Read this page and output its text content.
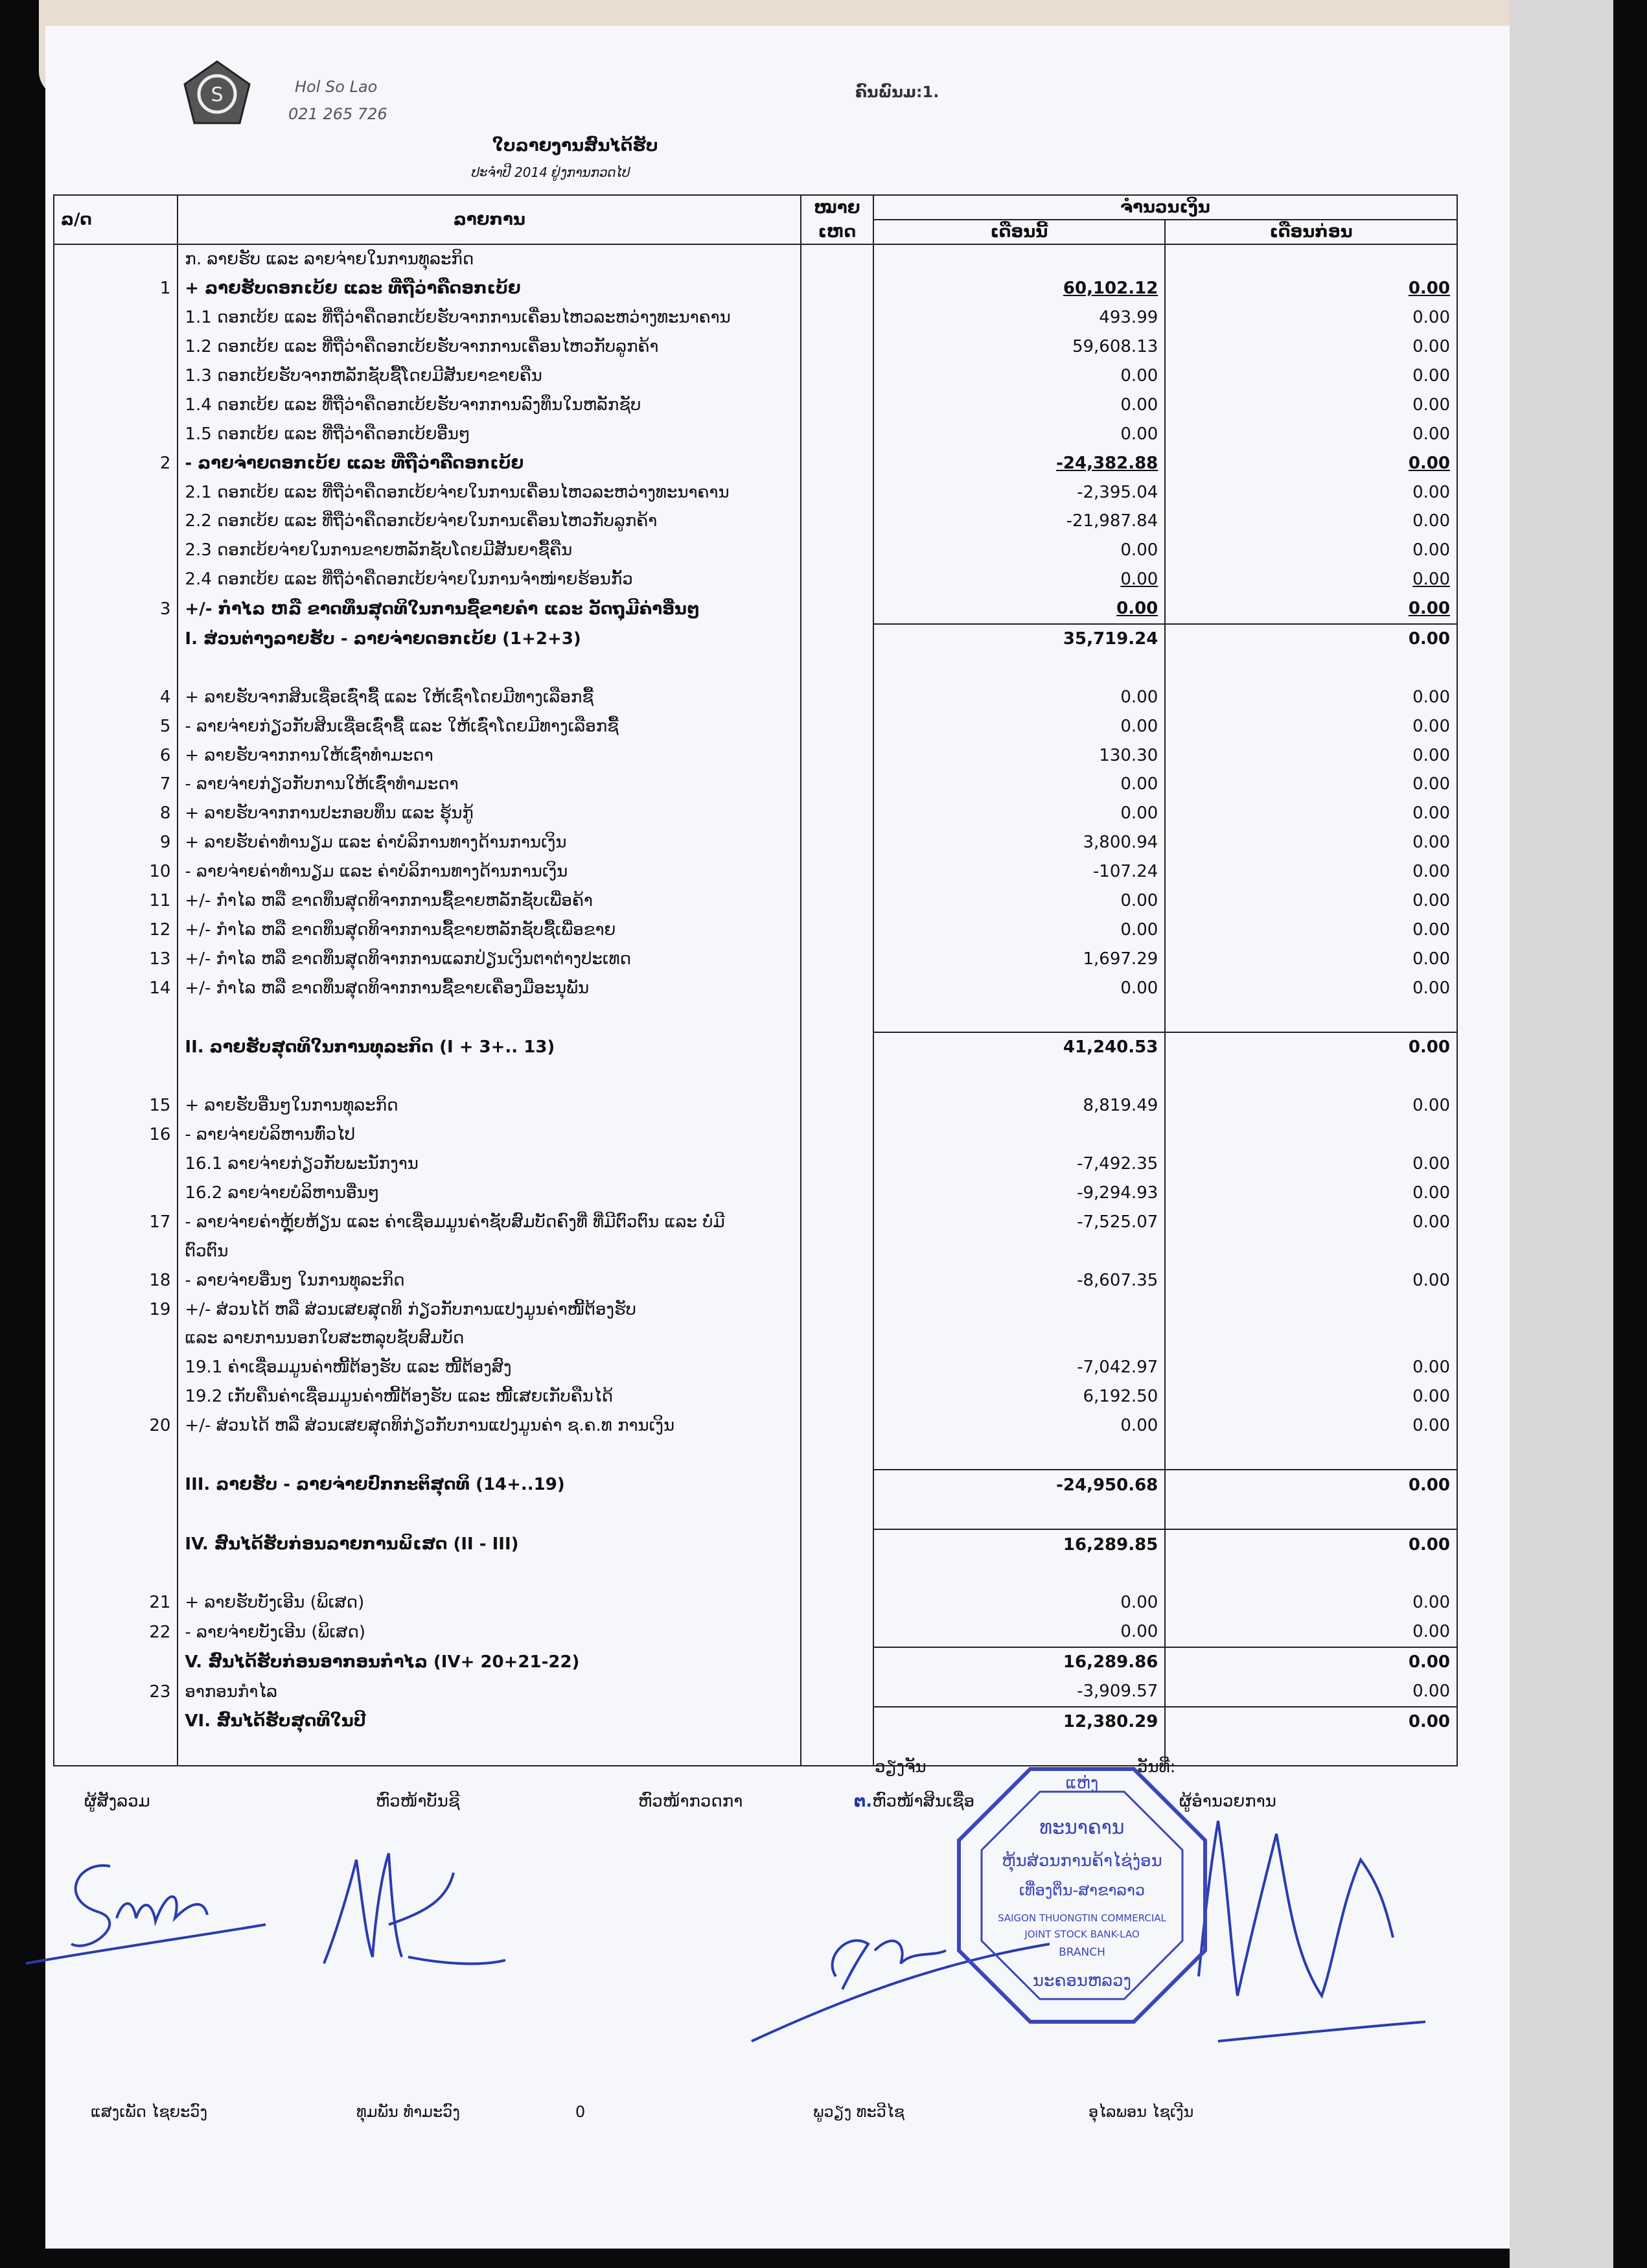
S	Hol So Lao
021 265 726
ຄົນພົນມ:1.
ໃບລາຍງານສົນໄດ້ຮັບ
ປະຈຳປີ 2014 ຢູ່ງການກວດໄປ
ລ/ດ	ລາຍການ	ໝາຍ	ຈຳນວນເງິນ	
		ເຫດ	ເດືອນນີ້	ເດືອນກ່ອນ
	ກ. ລາຍຮັບ ແລະ ລາຍຈ່າຍໃນການທຸລະກິດ			
1	+ ລາຍຮັບດອກເບ້ຍ ແລະ ທີ່ຖືວ່າຄືດອກເບ້ຍ		60,102.12	0.00
	1.1 ດອກເບ້ຍ ແລະ ທີ່ຖືວ່າຄືດອກເບ້ຍຮັບຈາກການເຄື່ອນໄຫວລະຫວ່າງທະນາຄານ		493.99	0.00
	1.2 ດອກເບ້ຍ ແລະ ທີ່ຖືວ່າຄືດອກເບ້ຍຮັບຈາກການເຄື່ອນໄຫວກັບລູກຄ້າ		59,608.13	0.00
	1.3 ດອກເບ້ຍຮັບຈາກຫລັກຊັບຊື້ໂດຍມີສັນຍາຂາຍຄືນ		0.00	0.00
	1.4 ດອກເບ້ຍ ແລະ ທີ່ຖືວ່າຄືດອກເບ້ຍຮັບຈາກການລົງທຶນໃນຫລັກຊັບ		0.00	0.00
	1.5 ດອກເບ້ຍ ແລະ ທີ່ຖືວ່າຄືດອກເບ້ຍອື່ນໆ		0.00	0.00
2	- ລາຍຈ່າຍດອກເບ້ຍ ແລະ ທີ່ຖືວ່າຄືດອກເບ້ຍ		-24,382.88	0.00
	2.1 ດອກເບ້ຍ ແລະ ທີ່ຖືວ່າຄືດອກເບ້ຍຈ່າຍໃນການເຄື່ອນໄຫວລະຫວ່າງທະນາຄານ		-2,395.04	0.00
	2.2 ດອກເບ້ຍ ແລະ ທີ່ຖືວ່າຄືດອກເບ້ຍຈ່າຍໃນການເຄື່ອນໄຫວກັບລູກຄ້າ		-21,987.84	0.00
	2.3 ດອກເບ້ຍຈ່າຍໃນການຂາຍຫລັກຊັບໂດຍມີສັນຍາຊື້ຄືນ		0.00	0.00
	2.4 ດອກເບ້ຍ ແລະ ທີ່ຖືວ່າຄືດອກເບ້ຍຈ່າຍໃນການຈຳໜ່າຍຮ້ອນກັ້ວ		0.00	0.00
3	+/- ກຳໄລ ຫລື ຂາດທຶນສຸດທິໃນການຊື້ຂາຍຄຳ ແລະ ວັດຖຸມີຄ່າອື່ນໆ		0.00	0.00
	I. ສ່ວນຕ່າງລາຍຮັບ - ລາຍຈ່າຍດອກເບ້ຍ (1+2+3)		35,719.24	0.00

4	+ ລາຍຮັບຈາກສິນເຊື່ອເຊົ່າຊື້ ແລະ ໃຫ້ເຊົ່າໂດຍມີທາງເລືອກຊື້		0.00	0.00
5	- ລາຍຈ່າຍກ່ຽວກັບສິນເຊື່ອເຊົ່າຊື້ ແລະ ໃຫ້ເຊົ່າໂດຍມີທາງເລືອກຊື້		0.00	0.00
6	+ ລາຍຮັບຈາກການໃຫ້ເຊົ່າທຳມະດາ		130.30	0.00
7	- ລາຍຈ່າຍກ່ຽວກັບການໃຫ້ເຊົ່າທຳມະດາ		0.00	0.00
8	+ ລາຍຮັບຈາກການປະກອບທຶນ ແລະ ຮຸ້ນກູ້		0.00	0.00
9	+ ລາຍຮັບຄ່າທຳນຽມ ແລະ ຄ່າບໍລິການທາງດ້ານການເງິນ		3,800.94	0.00
10	- ລາຍຈ່າຍຄ່າທຳນຽມ ແລະ ຄ່າບໍລິການທາງດ້ານການເງິນ		-107.24	0.00
11	+/- ກຳໄລ ຫລື ຂາດທຶນສຸດທິຈາກການຊື້ຂາຍຫລັກຊັບເພື່ອຄ້າ		0.00	0.00
12	+/- ກຳໄລ ຫລື ຂາດທຶນສຸດທິຈາກການຊື້ຂາຍຫລັກຊັບຊື້ເພື່ອຂາຍ		0.00	0.00
13	+/- ກຳໄລ ຫລື ຂາດທຶນສຸດທິຈາກການແລກປ່ຽນເງິນຕາຕ່າງປະເທດ		1,697.29	0.00
14	+/- ກຳໄລ ຫລື ຂາດທຶນສຸດທິຈາກການຊື້ຂາຍເຄື່ອງມືອະນຸພັນ		0.00	0.00

	II. ລາຍຮັບສຸດທິໃນການທຸລະກິດ (I + 3+.. 13)		41,240.53	0.00

15	+ ລາຍຮັບອື່ນໆໃນການທຸລະກິດ		8,819.49	0.00
16	- ລາຍຈ່າຍບໍລິຫານທົ່ວໄປ			
	16.1 ລາຍຈ່າຍກ່ຽວກັບພະນັກງານ		-7,492.35	0.00
	16.2 ລາຍຈ່າຍບໍລິຫານອື່ນໆ		-9,294.93	0.00
17	- ລາຍຈ່າຍຄ່າຫຼຸ້ຍຫ້ຽນ ແລະ ຄ່າເຊື່ອມມູນຄ່າຊັບສົມບັດຄົງທີ່ ທີ່ມີຕົວຕົນ ແລະ ບໍ່ມີ		-7,525.07	0.00
	ຕົວຕົນ			
18	- ລາຍຈ່າຍອື່ນໆ ໃນການທຸລະກິດ		-8,607.35	0.00
19	+/- ສ່ວນໄດ້ ຫລື ສ່ວນເສຍສຸດທິ ກ່ຽວກັບການແປງມູນຄ່າໜີ້ຕ້ອງຮັບ			
	ແລະ ລາຍການນອກໃບສະຫລຸບຊັບສົມບັດ			
	19.1 ຄ່າເຊື່ອມມູນຄ່າໜີ້ຕ້ອງຮັບ ແລະ ໜີ້ຕ້ອງສົງ		-7,042.97	0.00
	19.2 ເກັບຄືນຄ່າເຊື່ອມມູນຄ່າໜີ້ຕ້ອງຮັບ ແລະ ໜີ້ເສຍເກັບຄືນໄດ້		6,192.50	0.00
20	+/- ສ່ວນໄດ້ ຫລື ສ່ວນເສຍສຸດທິກ່ຽວກັບການແປງມູນຄ່າ ຊ.ຄ.ທ ການເງິນ		0.00	0.00

	III. ລາຍຮັບ - ລາຍຈ່າຍປົກກະຕິສຸດທິ (14+..19)		-24,950.68	0.00

	IV. ສົນໄດ້ຮັບກ່ອນລາຍການພິເສດ (II - III)		16,289.85	0.00

21	+ ລາຍຮັບບັງເອີນ (ພິເສດ)		0.00	0.00
22	- ລາຍຈ່າຍບັງເອີນ (ພິເສດ)		0.00	0.00
	V. ສົນໄດ້ຮັບກ່ອນອາກອນກຳໄລ (IV+ 20+21-22)		16,289.86	0.00
23	ອາກອນກຳໄລ		-3,909.57	0.00
	VI. ສົນໄດ້ຮັບສຸດທິໃນປີ		12,380.29	0.00

ວຽງຈັນ	ວັນທີ:
ຜູ້ສັງລວມ	ຫົວໜ້າບັນຊີ	ຫົວໜ້າກວດກາ	ຕ.ຫົວໜ້າສິນເຊື່ອ	ຜູ້ອຳນວຍການ
ແຫ່ງ
ທະນາຄານ
ຫຸ້ນສ່ວນການຄ້າໄຊ່ງ່ອນ
ເທື່ອງຕິ່ນ-ສາຂາລາວ
SAIGON THUONGTIN COMMERCIAL
JOINT STOCK BANK-LAO
BRANCH
ນະຄອນຫລວງ
ແສງເພັດ ໄຊຍະວົງ	ທຸມພັນ ທຳມະວົງ	0	ພູວຽງ ທະວີໄຊ	ອຸໄລພອນ ໄຊເງີນ
